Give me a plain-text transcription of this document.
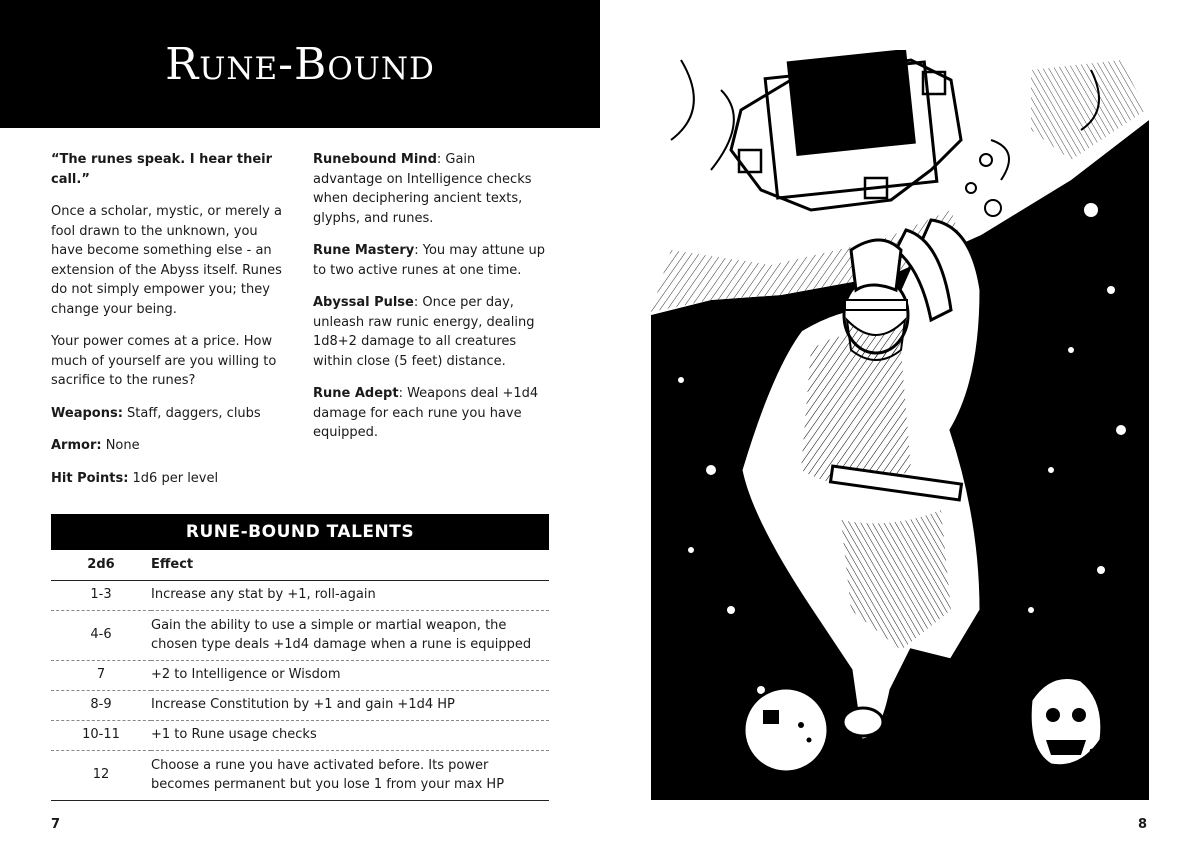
Rune-Bound

“The runes speak. I hear their call.”

Once a scholar, mystic, or merely a fool drawn to the unknown, you have become something else - an extension of the Abyss itself. Runes do not simply empower you; they change your being.

Your power comes at a price. How much of yourself are you willing to sacrifice to the runes?

Weapons: Staff, daggers, clubs

Armor: None

Hit Points: 1d6 per level

Runebound Mind: Gain advantage on Intelligence checks when deciphering ancient texts, glyphs, and runes.

Rune Mastery: You may attune up to two active runes at one time.

Abyssal Pulse: Once per day, unleash raw runic energy, dealing 1d8+2 damage to all creatures within close (5 feet) distance.

Rune Adept: Weapons deal +1d4 damage for each rune you have equipped.

RUNE-BOUND TALENTS
2d6	Effect
1-3	Increase any stat by +1, roll-again
4-6	Gain the ability to use a simple or martial weapon, the chosen type deals +1d4 damage when a rune is equipped
7	+2 to Intelligence or Wisdom
8-9	Increase Constitution by +1 and gain +1d4 HP
10-11	+1 to Rune usage checks
12	Choose a rune you have activated before. Its power becomes permanent but you lose 1 from your max HP
7	8
